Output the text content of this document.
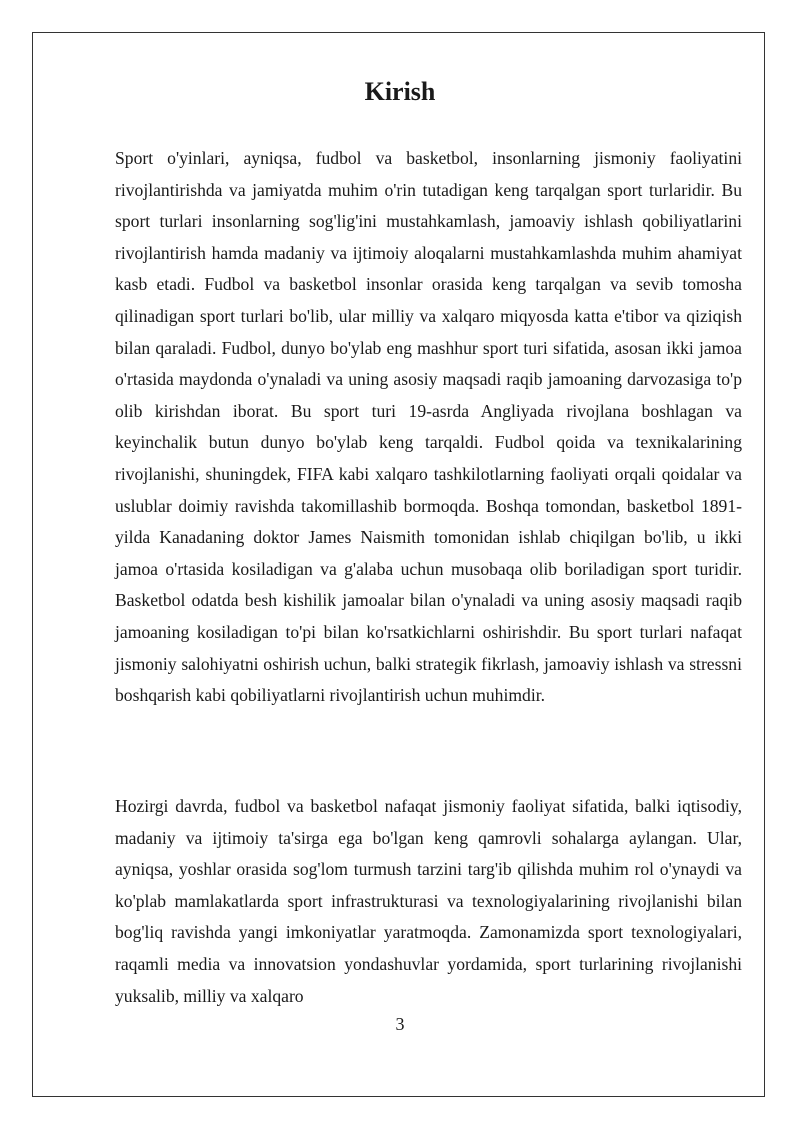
Kirish

Sport o'yinlari, ayniqsa, fudbol va basketbol, insonlarning jismoniy faoliyatini rivojlantirishda va jamiyatda muhim o'rin tutadigan keng tarqalgan sport turlaridir. Bu sport turlari insonlarning sog'lig'ini mustahkamlash, jamoaviy ishlash qobiliyatlarini rivojlantirish hamda madaniy va ijtimoiy aloqalarni mustahkamlashda muhim ahamiyat kasb etadi. Fudbol va basketbol insonlar orasida keng tarqalgan va sevib tomosha qilinadigan sport turlari bo'lib, ular milliy va xalqaro miqyosda katta e'tibor va qiziqish bilan qaraladi. Fudbol, dunyo bo'ylab eng mashhur sport turi sifatida, asosan ikki jamoa o'rtasida maydonda o'ynaladi va uning asosiy maqsadi raqib jamoaning darvozasiga to'p olib kirishdan iborat. Bu sport turi 19-asrda Angliyada rivojlana boshlagan va keyinchalik butun dunyo bo'ylab keng tarqaldi. Fudbol qoida va texnikalarining rivojlanishi, shuningdek, FIFA kabi xalqaro tashkilotlarning faoliyati orqali qoidalar va uslublar doimiy ravishda takomillashib bormoqda. Boshqa tomondan, basketbol 1891-yilda Kanadaning doktor James Naismith tomonidan ishlab chiqilgan bo'lib, u ikki jamoa o'rtasida kosiladigan va g'alaba uchun musobaqa olib boriladigan sport turidir. Basketbol odatda besh kishilik jamoalar bilan o'ynaladi va uning asosiy maqsadi raqib jamoaning kosiladigan to'pi bilan ko'rsatkichlarni oshirishdir. Bu sport turlari nafaqat jismoniy salohiyatni oshirish uchun, balki strategik fikrlash, jamoaviy ishlash va stressni boshqarish kabi qobiliyatlarni rivojlantirish uchun muhimdir.

Hozirgi davrda, fudbol va basketbol nafaqat jismoniy faoliyat sifatida, balki iqtisodiy, madaniy va ijtimoiy ta'sirga ega bo'lgan keng qamrovli sohalarga aylangan. Ular, ayniqsa, yoshlar orasida sog'lom turmush tarzini targ'ib qilishda muhim rol o'ynaydi va ko'plab mamlakatlarda sport infrastrukturasi va texnologiyalarining rivojlanishi bilan bog'liq ravishda yangi imkoniyatlar yaratmoqda. Zamonamizda sport texnologiyalari, raqamli media va innovatsion yondashuvlar yordamida, sport turlarining rivojlanishi yuksalib, milliy va xalqaro

3
